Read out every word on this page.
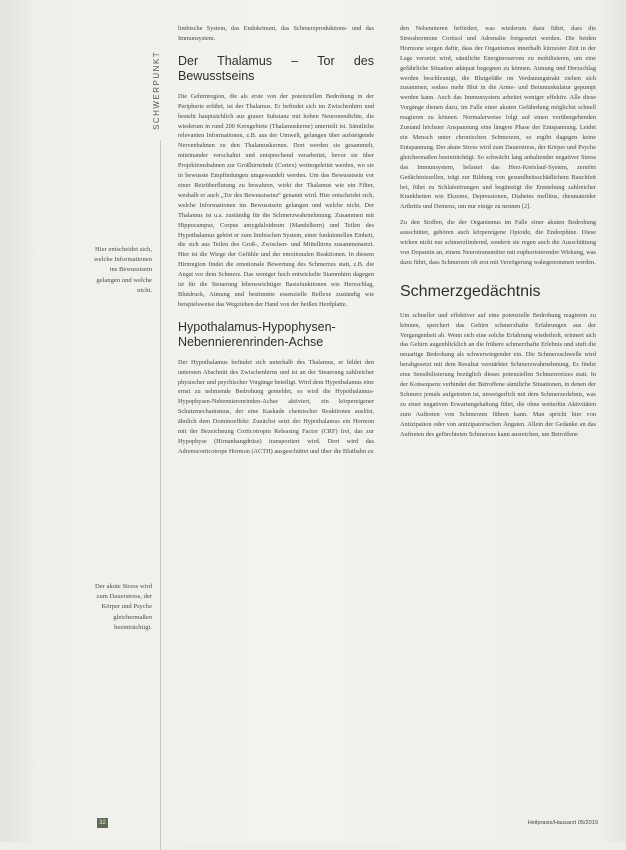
SCHWERPUNKT
Hier entscheidet sich, welche Informationen ins Bewusstsein gelangen und welche nicht.
Der akute Stress wird zum Dauerstress, der Körper und Psyche gleichermaßen beeinträchtigt.

limbische System, das Endokrinum, das Schmerzproduktions- und das Immunsystem.

Der Thalamus – Tor des Bewusstseins

Die Gehirnregion, die als erste von der potenziellen Bedrohung in der Peripherie erfährt, ist der Thalamus. Er befindet sich im Zwischenhirn und besteht hauptsächlich aus grauer Substanz mit hohen Neuronendichte, die wiederum in rund 200 Kerngebiete (Thalamuskerne) unterteilt ist. Sämtliche relevanten Informationen, z.B. aus der Umwelt, gelangen über aufsteigende Nervenbahnen zu den Thalamuskernen. Dort werden sie gesammelt, miteinander verschaltet und entsprechend verarbeitet, bevor sie über Projektionsbahnen zur Großhirnrinde (Cortex) weitergeleitet werden, wo sie in bewusste Empfindungen umgewandelt werden. Um das Bewusstsein vor einer Reizüberflutung zu bewahren, wirkt der Thalamus wie ein Filter, weshalb er auch „Tor des Bewusstseins“ genannt wird. Hier entscheidet sich, welche Informationen ins Bewusstsein gelangen und welche nicht. Der Thalamus ist u.a. zuständig für die Schmerzwahrnehmung. Zusammen mit Hippocampus, Corpus amygdaloideum (Mandelkern) und Teilen des Hypothalamus gehört er zum limbischen System, einer funktionellen Einheit, die sich aus Teilen des Groß-, Zwischen- und Mittelhirns zusammensetzt. Hier ist die Wiege der Gefühle und der emotionalen Reaktionen. In diesem Hirnregion findet die emotionale Bewertung des Schmerzes statt, z.B. die Angst vor dem Schmerz. Das weniger hoch entwickelte Stammhirn dagegen ist für die Steuerung lebenswichtiger Basisfunktionen wie Herzschlag, Blutdruck, Atmung und bestimmte essenzielle Reflexe zuständig wie beispielsweise das Wegziehen der Hand von der heißen Herdplatte.

Hypothalamus-Hypophysen-Nebennierenrinden-Achse

Der Hypothalamus befindet sich unterhalb des Thalamus, er bildet den untersten Abschnitt des Zwischenhirns und ist an der Steuerung zahlreicher physischer und psychischer Vorgänge beteiligt. Wird dem Hypothalamus eine ernst zu nehmende Bedrohung gemeldet, so wird die Hypothalamus-Hypophysen-Nebennierenrinden-Achse aktiviert, ein körpereigener Schutzmechanismus, der eine Kaskade chemischer Reaktionen auslöst, ähnlich dem Dominoeffekt: Zunächst setzt der Hypothalamus ein Hormon mit der Bezeichnung Corticotropin Releasing Factor (CRF) frei, das zur Hypophyse (Hirnanhangdrüse) transportiert wird. Dort wird das Adrenocorticotrope Hormon (ACTH) ausgeschüttet und über die Blutbahn zu

den Nebennieren befördert, was wiederum dazu führt, dass die Stresshormone Cortisol und Adrenalin freigesetzt werden. Die beiden Hormone sorgen dafür, dass der Organismus innerhalb kürzester Zeit in der Lage versetzt wird, sämtliche Energiereserven zu mobilisieren, um eine gefährliche Situation adäquat begegnen zu können. Atmung und Herzschlag werden beschleunigt, die Blutgefäße im Verdauungstrakt ziehen sich zusammen, sodass mehr Blut in die Arme- und Beinmuskulatur gepumpt werden kann. Auch das Immunsystem arbeitet weniger effektiv. Alle diese Vorgänge dienen dazu, im Falle einer akuten Gefährdung möglichst schnell reagieren zu können. Normalerweise folgt auf einen vorübergehenden Zustand höchster Anspannung eine längere Phase der Entspannung. Leidet ein Mensch unter chronischen Schmerzen, so ergibt dagegen keine Entspannung. Der akute Stress wird zum Dauerstress, der Körper und Psyche gleichermaßen beeinträchtigt. So schwächt lang anhaltender negativer Stress das Immunsystem, belastet das Herz-Kreislauf-System, zerstört Gedächtniszellen, trägt zur Bildung von gesundheitsschädlichem Bauchfett bei, führt zu Schlafstörungen und begünstigt die Entstehung zahlreicher Krankheiten wie Ekzeme, Depressionen, Diabetes mellitus, rheumatoider Arthritis und Demenz, um nur einige zu nennen [2].

Zu den Stoffen, die der Organismus im Falle einer akuten Bedrohung ausschüttet, gehören auch körpereigene Opioide, die Endorphine. Diese wirken nicht nur schmerzlindernd, sondern sie regen auch die Ausschüttung von Dopamin an, einem Neurotransmitter mit euphorisierender Wirkung, was dazu führt, dass Schmerzen oft erst mit Verzögerung wahrgenommen werden.

Schmerzgedächtnis

Um schneller und effektiver auf eine potenzielle Bedrohung reagieren zu können, speichert das Gehirn schmerzhafte Erfahrungen aus der Vergangenheit ab. Wenn sich eine solche Erfahrung wiederholt, erinnert sich das Gehirn augenblicklich an die frühere schmerzhafte Erlebnis und stuft die neuartige Bedrohung als schwerwiegender ein. Die Schmerzschwelle wird herabgesetzt mit dem Resultat verstärkter Schmerzwahrnehmung. Es findet eine Sensibilisierung bezüglich dieses potenziellen Schmerzreizes statt. In der Konsequenz verbindet der Betroffene sämtliche Situationen, in denen der Schmerz jemals aufgetreten ist, unweigerlich mit dem Schmerzerlebnis, was zu einer negativen Erwartungshaltung führt, die ohne weiterhin Aktivitäten zum Auftreten von Schmerzen führen kann. Man spricht hier von Antizipation oder von antizipatorischen Ängsten. Allein der Gedanke an das Auftreten des gefürchteten Schmerzes kann ausreichen, um Betroffene

32	Heilpraxis/Hausarzt 05/2019
